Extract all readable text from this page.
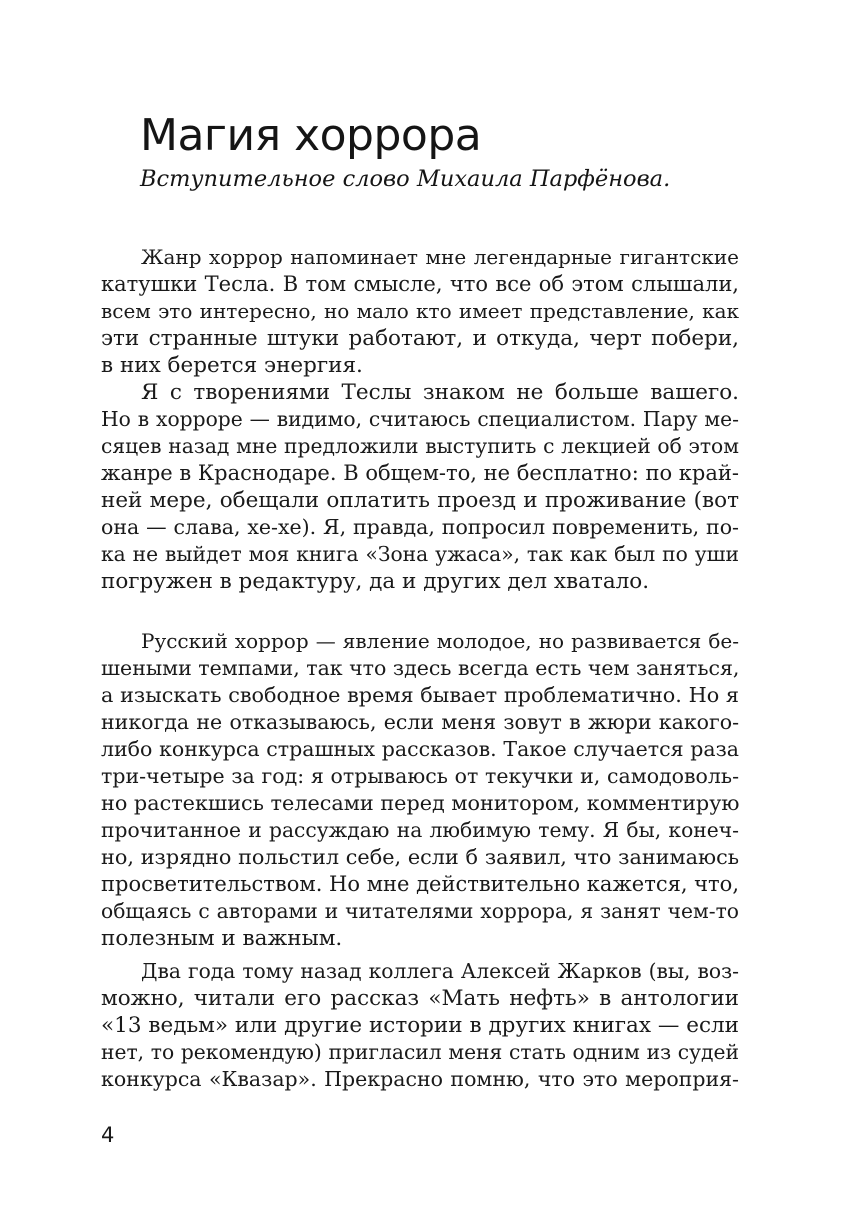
Магия хоррора

Вступительное слово Михаила Парфёнова.

Жанр хоррор напоминает мне легендарные гигантские
катушки Тесла. В том смысле, что все об этом слышали,
всем это интересно, но мало кто имеет представление, как
эти странные штуки работают, и откуда, черт побери,
в них берется энергия.
Я с творениями Теслы знаком не больше вашего.
Но в хорроре — видимо, считаюсь специалистом. Пару ме-
сяцев назад мне предложили выступить с лекцией об этом
жанре в Краснодаре. В общем-то, не бесплатно: по край-
ней мере, обещали оплатить проезд и проживание (вот
она — слава, хе-хе). Я, правда, попросил повременить, по-
ка не выйдет моя книга «Зона ужаса», так как был по уши
погружен в редактуру, да и других дел хватало.
Русский хоррор — явление молодое, но развивается бе-
шеными темпами, так что здесь всегда есть чем заняться,
а изыскать свободное время бывает проблематично. Но я
никогда не отказываюсь, если меня зовут в жюри какого-
либо конкурса страшных рассказов. Такое случается раза
три-четыре за год: я отрываюсь от текучки и, самодоволь-
но растекшись телесами перед монитором, комментирую
прочитанное и рассуждаю на любимую тему. Я бы, конеч-
но, изрядно польстил себе, если б заявил, что занимаюсь
просветительством. Но мне действительно кажется, что,
общаясь с авторами и читателями хоррора, я занят чем-то
полезным и важным.
Два года тому назад коллега Алексей Жарков (вы, воз-
можно, читали его рассказ «Мать нефть» в антологии
«13 ведьм» или другие истории в других книгах — если
нет, то рекомендую) пригласил меня стать одним из судей
конкурса «Квазар». Прекрасно помню, что это мероприя-

4
